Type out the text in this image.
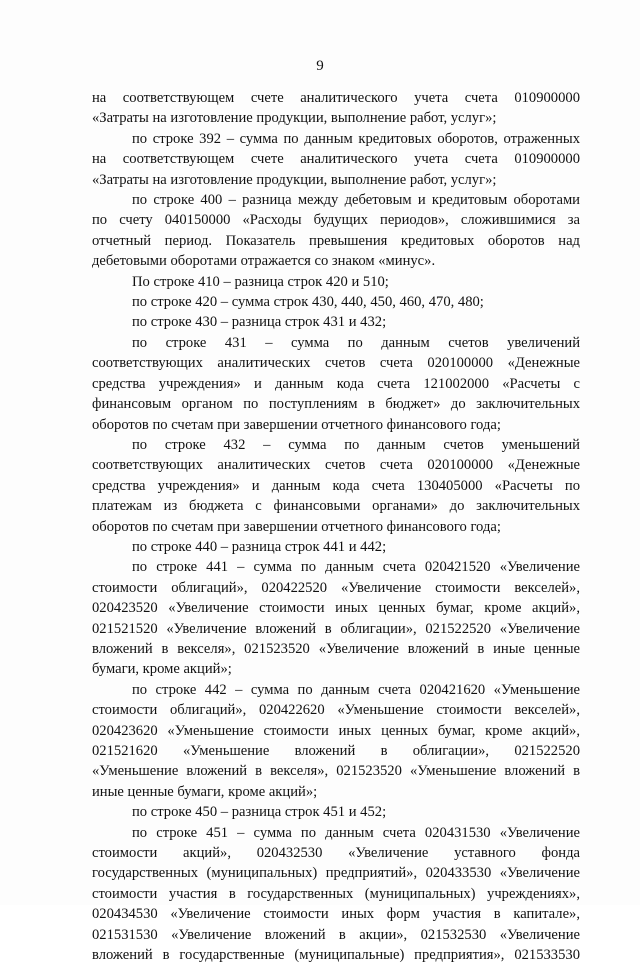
9
на соответствующем счете аналитического учета счета 010900000
«Затраты на изготовление продукции, выполнение работ, услуг»;
по строке 392 – сумма по данным кредитовых оборотов, отраженных
на соответствующем счете аналитического учета счета 010900000
«Затраты на изготовление продукции, выполнение работ, услуг»;
по строке 400 – разница между дебетовым и кредитовым оборотами
по счету 040150000 «Расходы будущих периодов», сложившимися за
отчетный период. Показатель превышения кредитовых оборотов над
дебетовыми оборотами отражается со знаком «минус».
По строке 410 – разница строк 420 и 510;
по строке 420 – сумма строк 430, 440, 450, 460, 470, 480;
по строке 430 – разница строк 431 и 432;
по строке 431 – сумма по данным счетов увеличений
соответствующих аналитических счетов счета 020100000 «Денежные
средства учреждения» и данным кода счета 121002000 «Расчеты с
финансовым органом по поступлениям в бюджет» до заключительных
оборотов по счетам при завершении отчетного финансового года;
по строке 432 – сумма по данным счетов уменьшений
соответствующих аналитических счетов счета 020100000 «Денежные
средства учреждения» и данным кода счета 130405000 «Расчеты по
платежам из бюджета с финансовыми органами» до заключительных
оборотов по счетам при завершении отчетного финансового года;
по строке 440 – разница строк 441 и 442;
по строке 441 – сумма по данным счета 020421520 «Увеличение
стоимости облигаций», 020422520 «Увеличение стоимости векселей»,
020423520 «Увеличение стоимости иных ценных бумаг, кроме акций»,
021521520 «Увеличение вложений в облигации», 021522520 «Увеличение
вложений в векселя», 021523520 «Увеличение вложений в иные ценные
бумаги, кроме акций»;
по строке 442 – сумма по данным счета 020421620 «Уменьшение
стоимости облигаций», 020422620 «Уменьшение стоимости векселей»,
020423620 «Уменьшение стоимости иных ценных бумаг, кроме акций»,
021521620 «Уменьшение вложений в облигации», 021522520
«Уменьшение вложений в векселя», 021523520 «Уменьшение вложений в
иные ценные бумаги, кроме акций»;
по строке 450 – разница строк 451 и 452;
по строке 451 – сумма по данным счета 020431530 «Увеличение
стоимости акций», 020432530 «Увеличение уставного фонда
государственных (муниципальных) предприятий», 020433530 «Увеличение
стоимости участия в государственных (муниципальных) учреждениях»,
020434530 «Увеличение стоимости иных форм участия в капитале»,
021531530 «Увеличение вложений в акции», 021532530 «Увеличение
вложений в государственные (муниципальные) предприятия», 021533530
